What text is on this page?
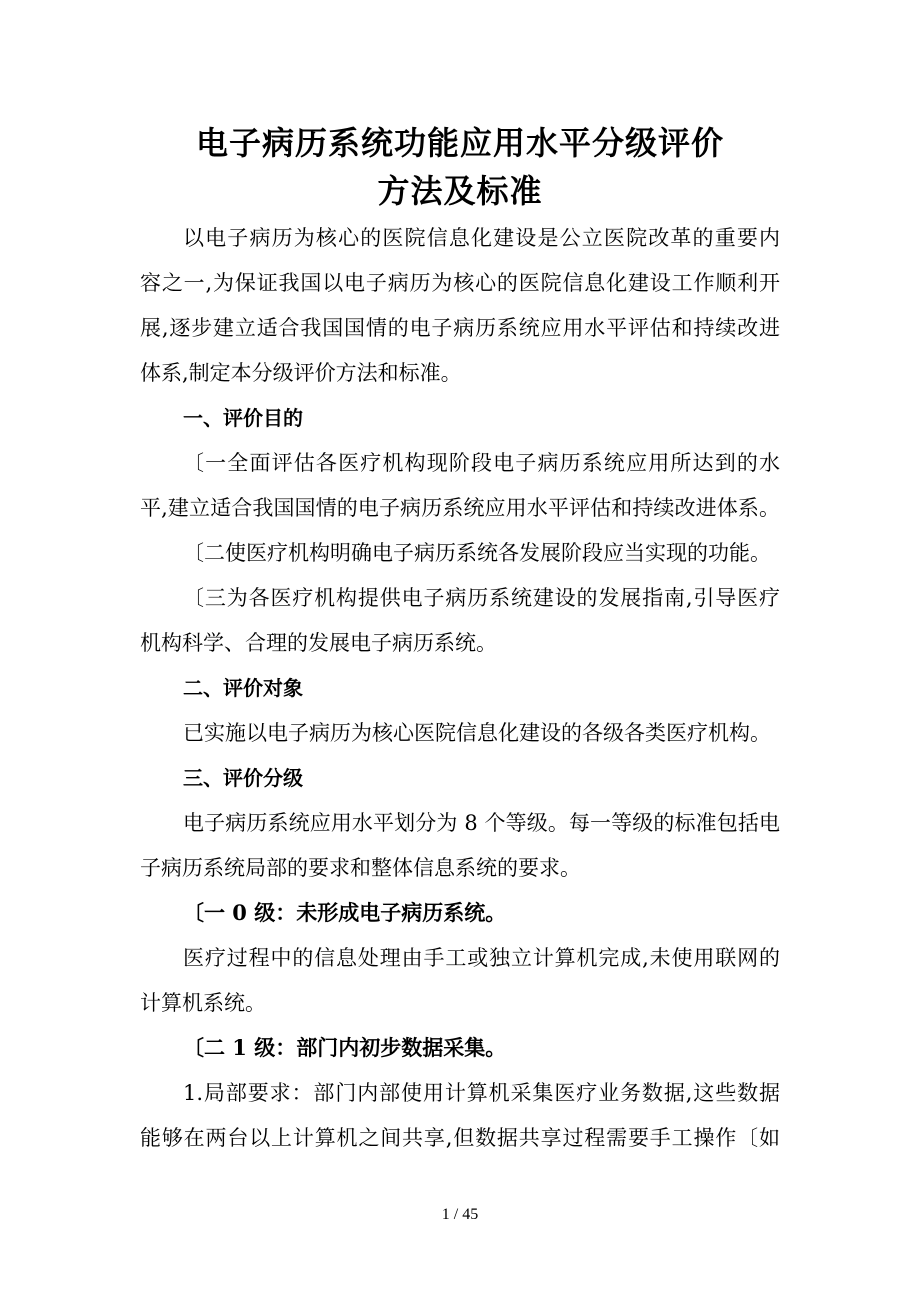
电子病历系统功能应用水平分级评价
方法及标准
以电子病历为核心的医院信息化建设是公立医院改革的重要内
容之一,为保证我国以电子病历为核心的医院信息化建设工作顺利开
展,逐步建立适合我国国情的电子病历系统应用水平评估和持续改进
体系,制定本分级评价方法和标准。
一、评价目的
〔一全面评估各医疗机构现阶段电子病历系统应用所达到的水
平,建立适合我国国情的电子病历系统应用水平评估和持续改进体系。
〔二使医疗机构明确电子病历系统各发展阶段应当实现的功能。
〔三为各医疗机构提供电子病历系统建设的发展指南,引导医疗
机构科学、合理的发展电子病历系统。
二、评价对象
已实施以电子病历为核心医院信息化建设的各级各类医疗机构。
三、评价分级
电子病历系统应用水平划分为 8 个等级。每一等级的标准包括电
子病历系统局部的要求和整体信息系统的要求。
〔一 0 级：未形成电子病历系统。
医疗过程中的信息处理由手工或独立计算机完成,未使用联网的
计算机系统。
〔二 1 级：部门内初步数据采集。
1.局部要求：部门内部使用计算机采集医疗业务数据,这些数据
能够在两台以上计算机之间共享,但数据共享过程需要手工操作〔如
1 / 45
